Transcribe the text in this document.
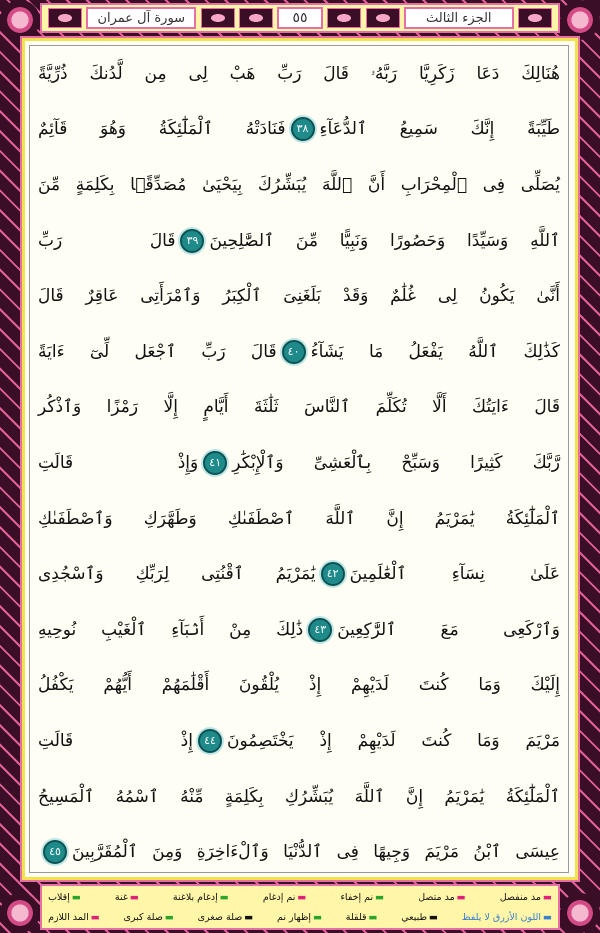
الجزء الثالث
٥٥
سورة آل عمران
هُنَالِكَ دَعَا زَكَرِيَّا رَبَّهُۥ قَالَ رَبِّ هَبْ لِى مِن لَّدُنكَ ذُرِّيَّةً
طَيِّبَةً إِنَّكَ سَمِيعُ ٱلدُّعَآءِ
٣٨
فَنَادَتْهُ ٱلْمَلَٰٓئِكَةُ وَهُوَ قَآئِمٌ
يُصَلِّى فِى ٱلْمِحْرَابِ أَنَّ ٱللَّهَ يُبَشِّرُكَ بِيَحْيَىٰ مُصَدِّقًۢا بِكَلِمَةٍ مِّنَ
ٱللَّهِ وَسَيِّدًا وَحَصُورًا وَنَبِيًّا مِّنَ ٱلصَّٰلِحِينَ
٣٩
قَالَ رَبِّ
أَنَّىٰ يَكُونُ لِى غُلَٰمٌ وَقَدْ بَلَغَنِىَ ٱلْكِبَرُ وَٱمْرَأَتِى عَاقِرٌ قَالَ
كَذَٰلِكَ ٱللَّهُ يَفْعَلُ مَا يَشَآءُ
٤٠
قَالَ رَبِّ ٱجْعَل لِّىٓ ءَايَةً
قَالَ ءَايَتُكَ أَلَّا تُكَلِّمَ ٱلنَّاسَ ثَلَٰثَةَ أَيَّامٍ إِلَّا رَمْزًا وَٱذْكُر
رَّبَّكَ كَثِيرًا وَسَبِّحْ بِٱلْعَشِىِّ وَٱلْإِبْكَٰرِ
٤١
وَإِذْ قَالَتِ
ٱلْمَلَٰٓئِكَةُ يَٰمَرْيَمُ إِنَّ ٱللَّهَ ٱصْطَفَىٰكِ وَطَهَّرَكِ وَٱصْطَفَىٰكِ
عَلَىٰ نِسَآءِ ٱلْعَٰلَمِينَ
٤٢
يَٰمَرْيَمُ ٱقْنُتِى لِرَبِّكِ وَٱسْجُدِى
وَٱرْكَعِى مَعَ ٱلرَّٰكِعِينَ
٤٣
ذَٰلِكَ مِنْ أَنۢبَآءِ ٱلْغَيْبِ نُوحِيهِ
إِلَيْكَ وَمَا كُنتَ لَدَيْهِمْ إِذْ يُلْقُونَ أَقْلَٰمَهُمْ أَيُّهُمْ يَكْفُلُ
مَرْيَمَ وَمَا كُنتَ لَدَيْهِمْ إِذْ يَخْتَصِمُونَ
٤٤
إِذْ قَالَتِ
ٱلْمَلَٰٓئِكَةُ يَٰمَرْيَمُ إِنَّ ٱللَّهَ يُبَشِّرُكِ بِكَلِمَةٍ مِّنْهُ ٱسْمُهُ ٱلْمَسِيحُ
عِيسَى ٱبْنُ مَرْيَمَ وَجِيهًا فِى ٱلدُّنْيَا وَٱلْءَاخِرَةِ وَمِنَ ٱلْمُقَرَّبِينَ
٤٥
▬مد منفصل
▬مد متصل
▬نم إخفاء
▬نم إدغام
▬إدغام بلاغنة
▬غنة
▬إقلاب
▬اللون الأزرق لا يلفظ
▬طبيعي
▬قلقلة
▬إظهار نم
▬صلة صغرى
▬صلة كبرى
▬المد اللازم
